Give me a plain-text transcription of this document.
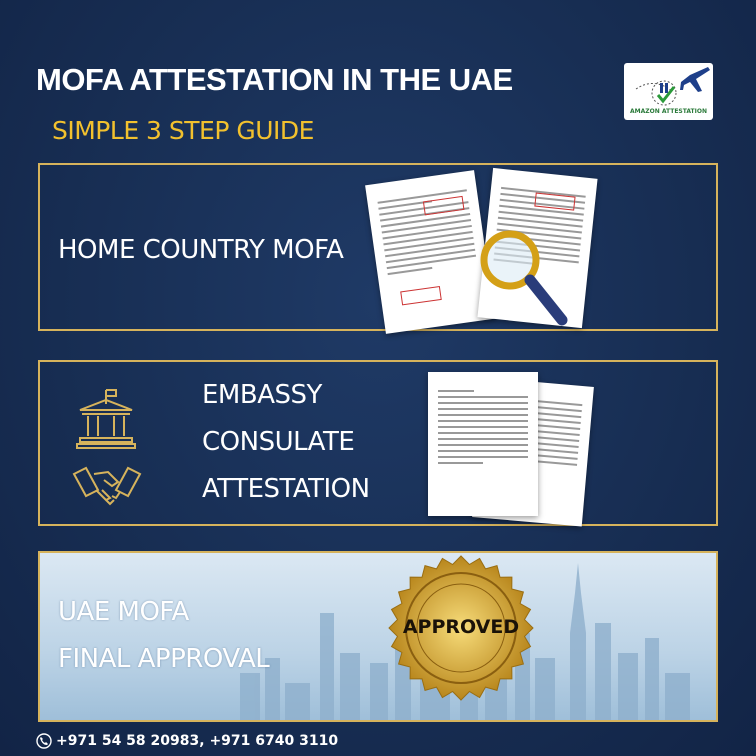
MOFA ATTESTATION IN THE UAE
SIMPLE 3 STEP GUIDE
AMAZON ATTESTATION
HOME COUNTRY MOFA
EMBASSY
CONSULATE
ATTESTATION
UAE MOFA
FINAL APPROVAL
APPROVED
+971 54 58 20983, +971 6740 3110
